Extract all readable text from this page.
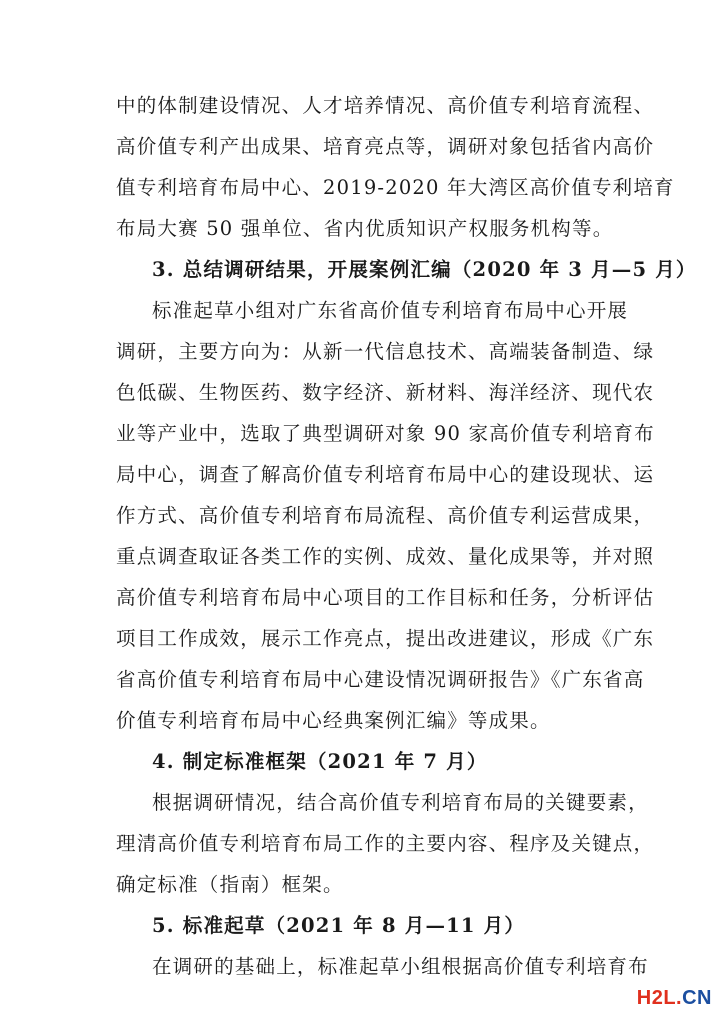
中的体制建设情况、人才培养情况、高价值专利培育流程、
高价值专利产出成果、培育亮点等，调研对象包括省内高价
值专利培育布局中心、2019-2020 年大湾区高价值专利培育
布局大赛 50 强单位、省内优质知识产权服务机构等。
3. 总结调研结果，开展案例汇编（2020 年 3 月—5 月）
标准起草小组对广东省高价值专利培育布局中心开展
调研，主要方向为：从新一代信息技术、高端装备制造、绿
色低碳、生物医药、数字经济、新材料、海洋经济、现代农
业等产业中，选取了典型调研对象 90 家高价值专利培育布
局中心，调查了解高价值专利培育布局中心的建设现状、运
作方式、高价值专利培育布局流程、高价值专利运营成果，
重点调查取证各类工作的实例、成效、量化成果等，并对照
高价值专利培育布局中心项目的工作目标和任务，分析评估
项目工作成效，展示工作亮点，提出改进建议，形成《广东
省高价值专利培育布局中心建设情况调研报告》《广东省高
价值专利培育布局中心经典案例汇编》等成果。
4. 制定标准框架（2021 年 7 月）
根据调研情况，结合高价值专利培育布局的关键要素，
理清高价值专利培育布局工作的主要内容、程序及关键点，
确定标准（指南）框架。
5. 标准起草（2021 年 8 月—11 月）
在调研的基础上，标准起草小组根据高价值专利培育布
H2L.CN
